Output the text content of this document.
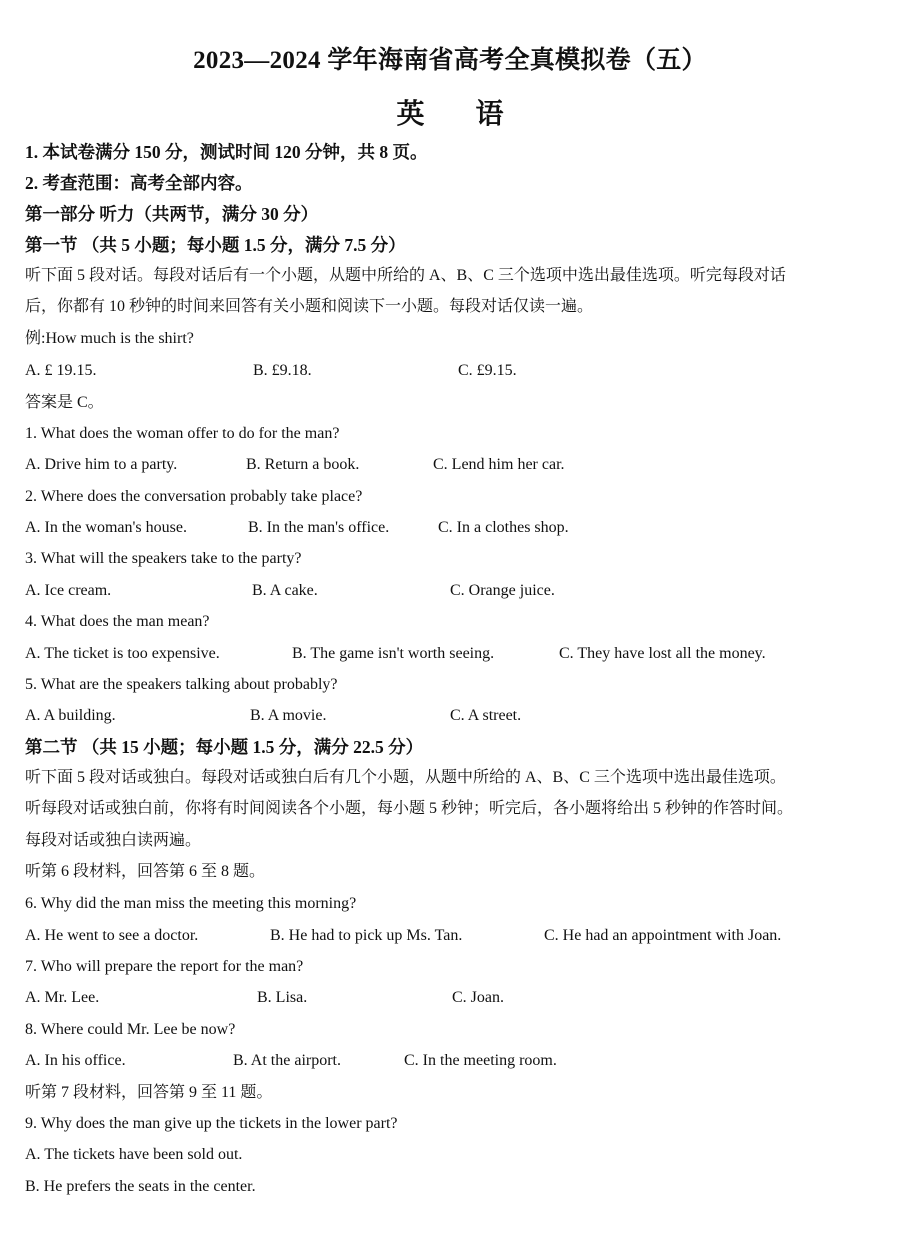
2023—2024 学年海南省高考全真模拟卷（五）
英 语
1. 本试卷满分 150 分，测试时间 120 分钟，共 8 页。
2. 考查范围：高考全部内容。
第一部分 听力（共两节，满分 30 分）
第一节 （共 5 小题；每小题 1.5 分，满分 7.5 分）
听下面 5 段对话。每段对话后有一个小题，从题中所给的 A、B、C 三个选项中选出最佳选项。听完每段对话
后，你都有 10 秒钟的时间来回答有关小题和阅读下一小题。每段对话仅读一遍。
例:How much is the shirt?
A. £ 19.15.	B. £9.18.	C. £9.15.
答案是 C。
1. What does the woman offer to do for the man?
A. Drive him to a party.	B. Return a book.	C. Lend him her car.
2. Where does the conversation probably take place?
A. In the woman's house.	B. In the man's office.	C. In a clothes shop.
3. What will the speakers take to the party?
A. Ice cream.	B. A cake.	C. Orange juice.
4. What does the man mean?
A. The ticket is too expensive.	B. The game isn't worth seeing.	C. They have lost all the money.
5. What are the speakers talking about probably?
A. A building.	B. A movie.	C. A street.
第二节 （共 15 小题；每小题 1.5 分，满分 22.5 分）
听下面 5 段对话或独白。每段对话或独白后有几个小题，从题中所给的 A、B、C 三个选项中选出最佳选项。
听每段对话或独白前，你将有时间阅读各个小题，每小题 5 秒钟；听完后，各小题将给出 5 秒钟的作答时间。
每段对话或独白读两遍。
听第 6 段材料，回答第 6 至 8 题。
6. Why did the man miss the meeting this morning?
A. He went to see a doctor.	B. He had to pick up Ms. Tan.	C. He had an appointment with Joan.
7. Who will prepare the report for the man?
A. Mr. Lee.	B. Lisa.	C. Joan.
8. Where could Mr. Lee be now?
A. In his office.	B. At the airport.	C. In the meeting room.
听第 7 段材料，回答第 9 至 11 题。
9. Why does the man give up the tickets in the lower part?
A. The tickets have been sold out.
B. He prefers the seats in the center.
